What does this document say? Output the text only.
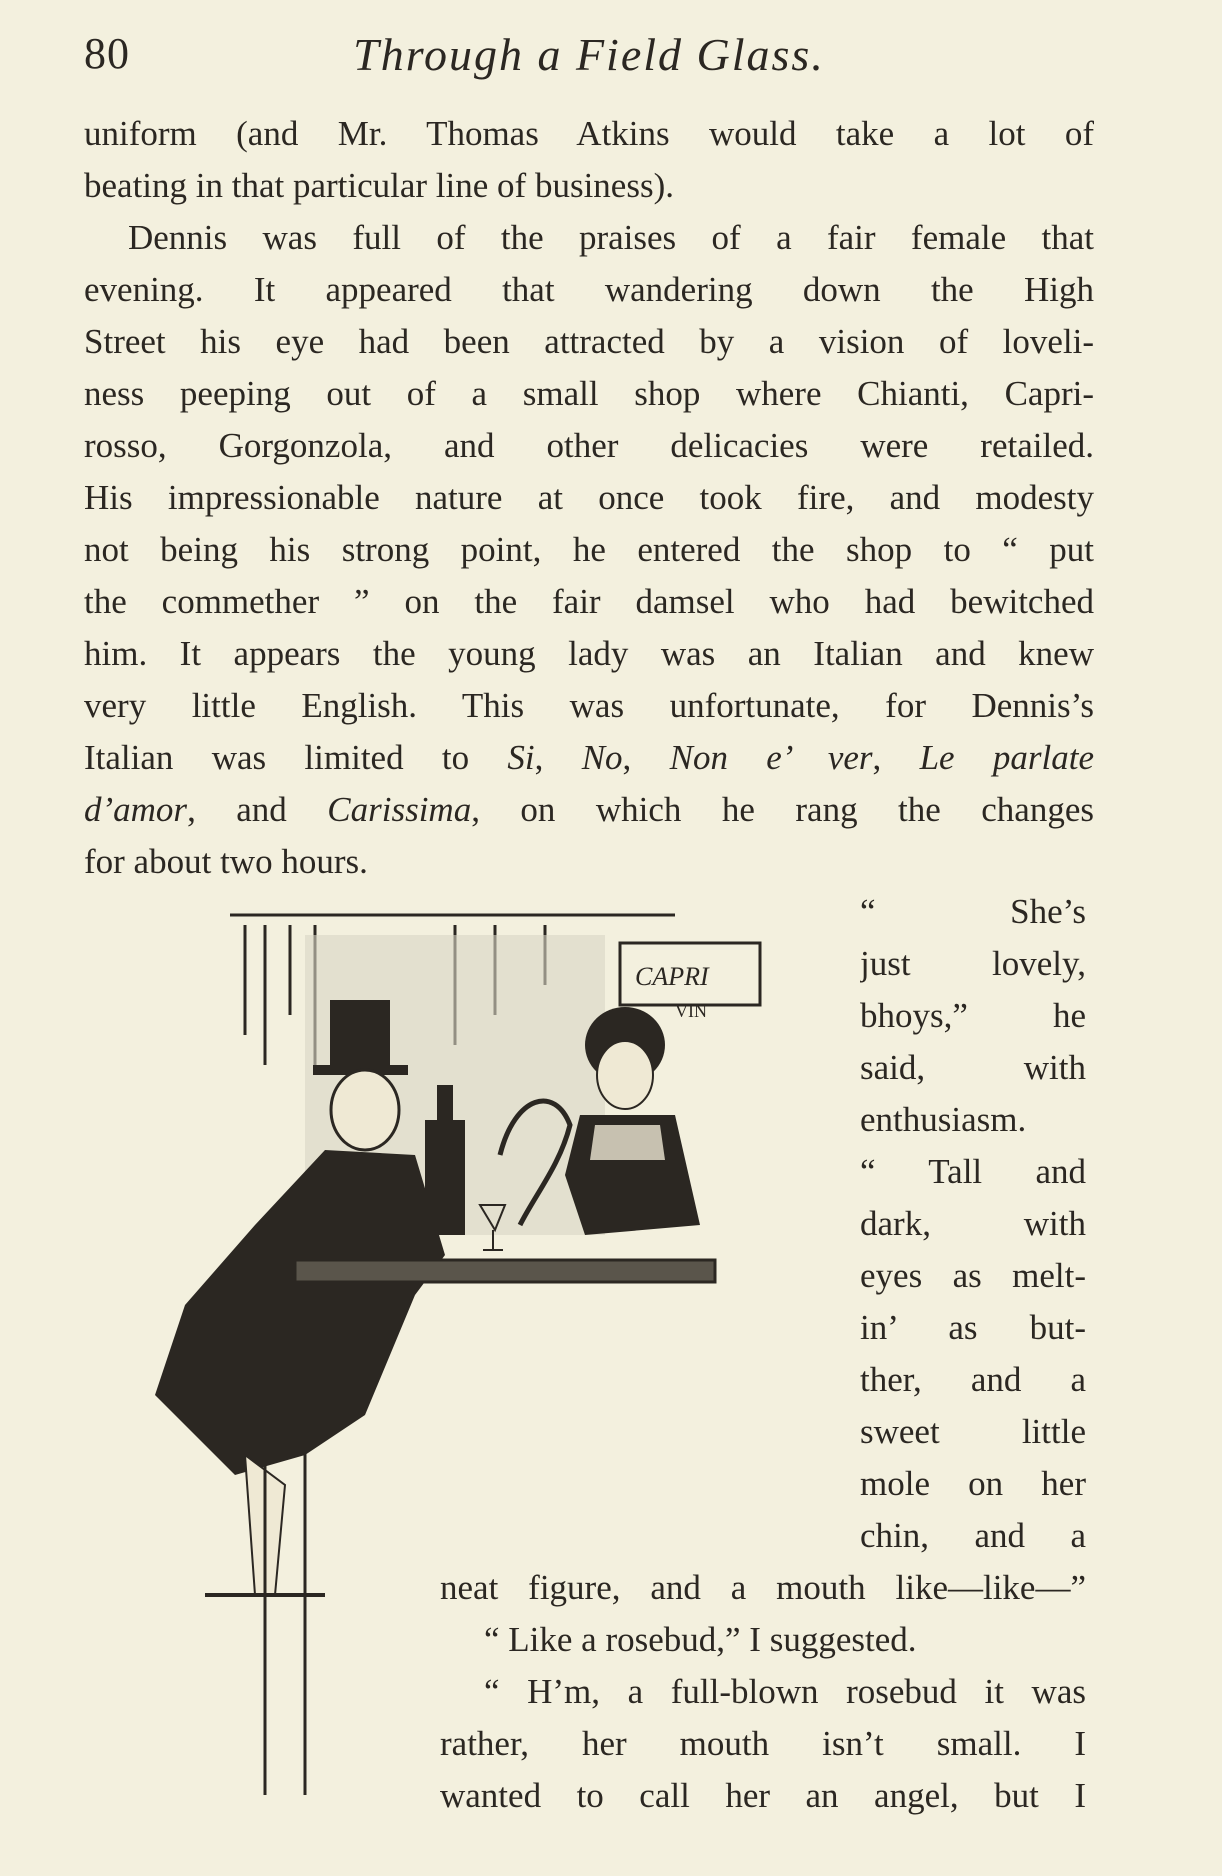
80	Through a Field Glass.
uniform (and Mr. Thomas Atkins would take a lot of
beating in that particular line of business).
Dennis was full of the praises of a fair female that
evening. It appeared that wandering down the High
Street his eye had been attracted by a vision of loveli-
ness peeping out of a small shop where Chianti, Capri-
rosso, Gorgonzola, and other delicacies were retailed.
His impressionable nature at once took fire, and modesty
not being his strong point, he entered the shop to “ put
the commether ” on the fair damsel who had bewitched
him. It appears the young lady was an Italian and knew
very little English. This was unfortunate, for Dennis’s
Italian was limited to Si, No, Non e’ ver, Le parlate
d’amor, and Carissima, on which he rang the changes
for about two hours.
CAPRI
VIN
“ She’s
just lovely,
bhoys,” he
said, with
enthusiasm.
“ Tall and
dark, with
eyes as melt-
in’ as but-
ther, and a
sweet little
mole on her
chin, and a
neat figure, and a mouth like—like—”
“ Like a rosebud,” I suggested.
“ H’m, a full-blown rosebud it was
rather, her mouth isn’t small. I
wanted to call her an angel, but I
